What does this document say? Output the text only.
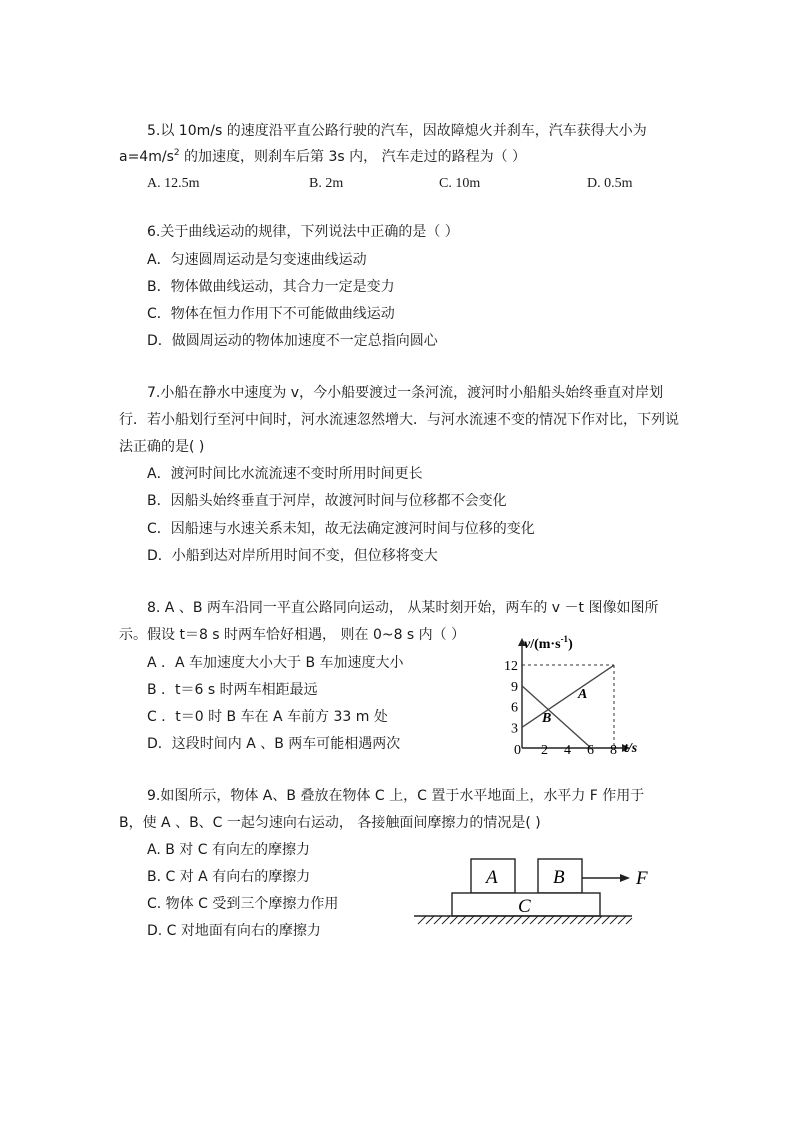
5.以 10m/s 的速度沿平直公路行驶的汽车，因故障熄火并刹车，汽车获得大小为
$a=4m/s^2$ 的加速度，则刹车后第 3s 内， 汽车走过的路程为（ ）
A. 12.5m	B. 2m	C. 10m	D. 0.5m
6.关于曲线运动的规律，下列说法中正确的是（ ）
A．匀速圆周运动是匀变速曲线运动
B．物体做曲线运动，其合力一定是变力
C．物体在恒力作用下不可能做曲线运动
D．做圆周运动的物体加速度不一定总指向圆心
7.小船在静水中速度为 v，今小船要渡过一条河流，渡河时小船船头始终垂直对岸划
行．若小船划行至河中间时，河水流速忽然增大．与河水流速不变的情况下作对比，下列说
法正确的是( )
A．渡河时间比水流流速不变时所用时间更长
B．因船头始终垂直于河岸，故渡河时间与位移都不会变化
C．因船速与水速关系未知，故无法确定渡河时间与位移的变化
D．小船到达对岸所用时间不变，但位移将变大
8. A 、B 两车沿同一平直公路同向运动， 从某时刻开始，两车的 v －t 图像如图所
示。假设 t＝8 s 时两车恰好相遇， 则在 0~8 s 内（ ）
A ．A 车加速度大小大于 B 车加速度大小
B ．t＝6 s 时两车相距最远
C ．t＝0 时 B 车在 A 车前方 33 m 处
D．这段时间内 A 、B 两车可能相遇两次
3
6
9
12
0 2 4 6 8
$v/(m\cdot s^{-1})$
t/s
A
B
9.如图所示，物体 A、B 叠放在物体 C 上，C 置于水平地面上，水平力 F 作用于
B，使 A 、B、C 一起匀速向右运动， 各接触面间摩擦力的情况是( )
A. B 对 C 有向左的摩擦力
B. C 对 A 有向右的摩擦力
C. 物体 C 受到三个摩擦力作用
D. C 对地面有向右的摩擦力
A	B
C
F
